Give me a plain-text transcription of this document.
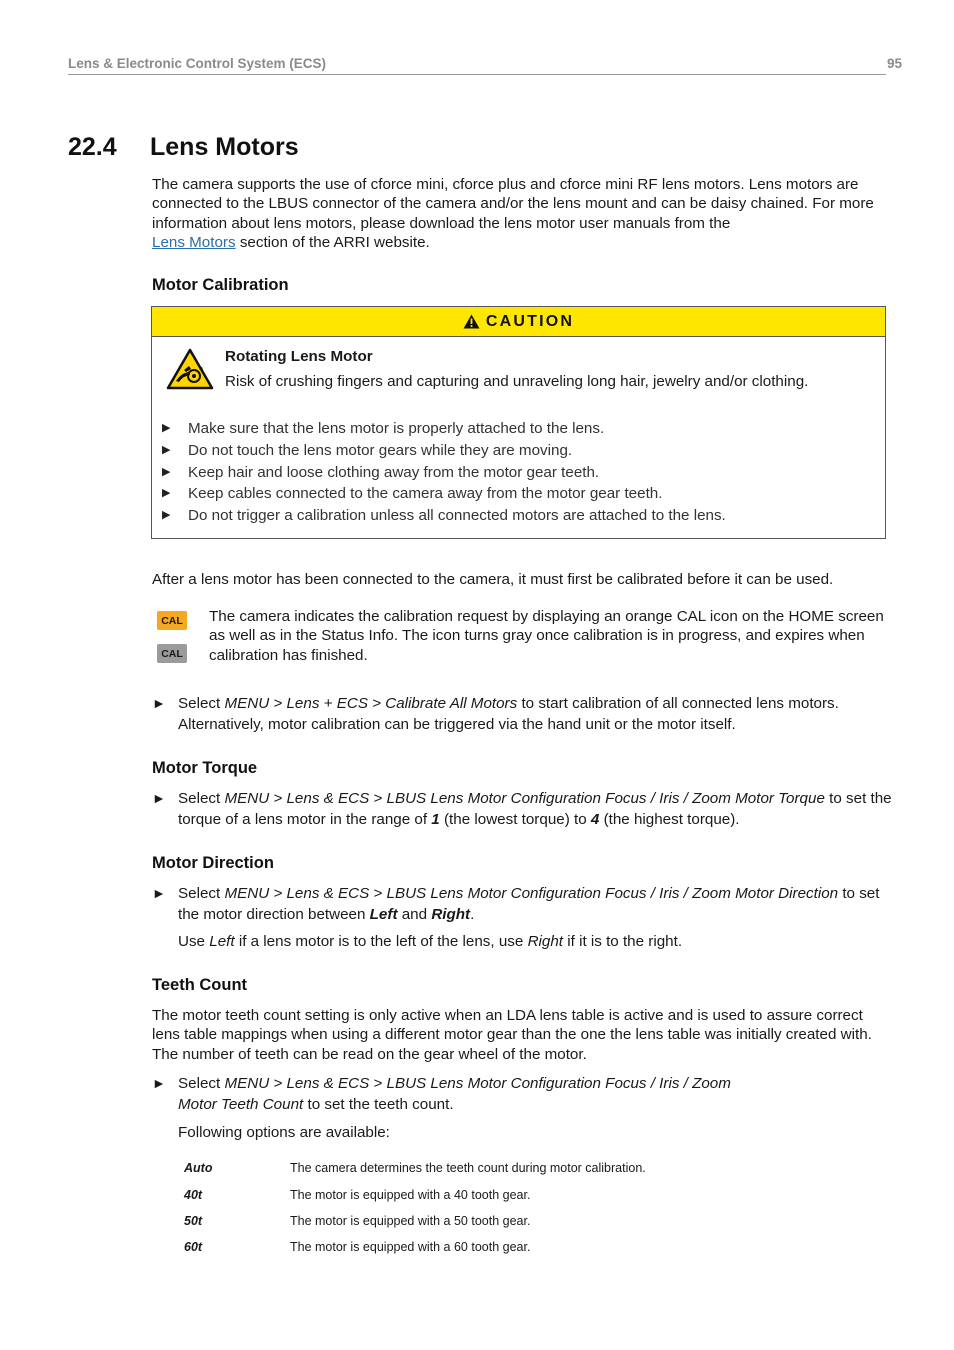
Lens & Electronic Control System (ECS)	95
22.4 Lens Motors
The camera supports the use of cforce mini, cforce plus and cforce mini RF lens motors. Lens motors are connected to the LBUS connector of the camera and/or the lens mount and can be daisy chained. For more information about lens motors, please download the lens motor user manuals from the
Lens Motors section of the ARRI website.
Motor Calibration
CAUTION
Rotating Lens Motor
Risk of crushing fingers and capturing and unraveling long hair, jewelry and/or clothing.
▶	Make sure that the lens motor is properly attached to the lens.
▶	Do not touch the lens motor gears while they are moving.
▶	Keep hair and loose clothing away from the motor gear teeth.
▶	Keep cables connected to the camera away from the motor gear teeth.
▶	Do not trigger a calibration unless all connected motors are attached to the lens.
After a lens motor has been connected to the camera, it must first be calibrated before it can be used.
CAL
CAL
The camera indicates the calibration request by displaying an orange CAL icon on the HOME screen as well as in the Status Info. The icon turns gray once calibration is in progress, and expires when calibration has finished.
► Select MENU > Lens + ECS > Calibrate All Motors to start calibration of all connected lens motors. Alternatively, motor calibration can be triggered via the hand unit or the motor itself.
Motor Torque
► Select MENU > Lens & ECS > LBUS Lens Motor Configuration Focus / Iris / Zoom Motor Torque to set the torque of a lens motor in the range of 1 (the lowest torque) to 4 (the highest torque).
Motor Direction
► Select MENU > Lens & ECS > LBUS Lens Motor Configuration Focus / Iris / Zoom Motor Direction to set the motor direction between Left and Right.
Use Left if a lens motor is to the left of the lens, use Right if it is to the right.
Teeth Count
The motor teeth count setting is only active when an LDA lens table is active and is used to assure correct lens table mappings when using a different motor gear than the one the lens table was initially created with. The number of teeth can be read on the gear wheel of the motor.
► Select MENU > Lens & ECS > LBUS Lens Motor Configuration Focus / Iris / Zoom
Motor Teeth Count to set the teeth count.
Following options are available:
Auto	The camera determines the teeth count during motor calibration.
40t	The motor is equipped with a 40 tooth gear.
50t	The motor is equipped with a 50 tooth gear.
60t	The motor is equipped with a 60 tooth gear.
